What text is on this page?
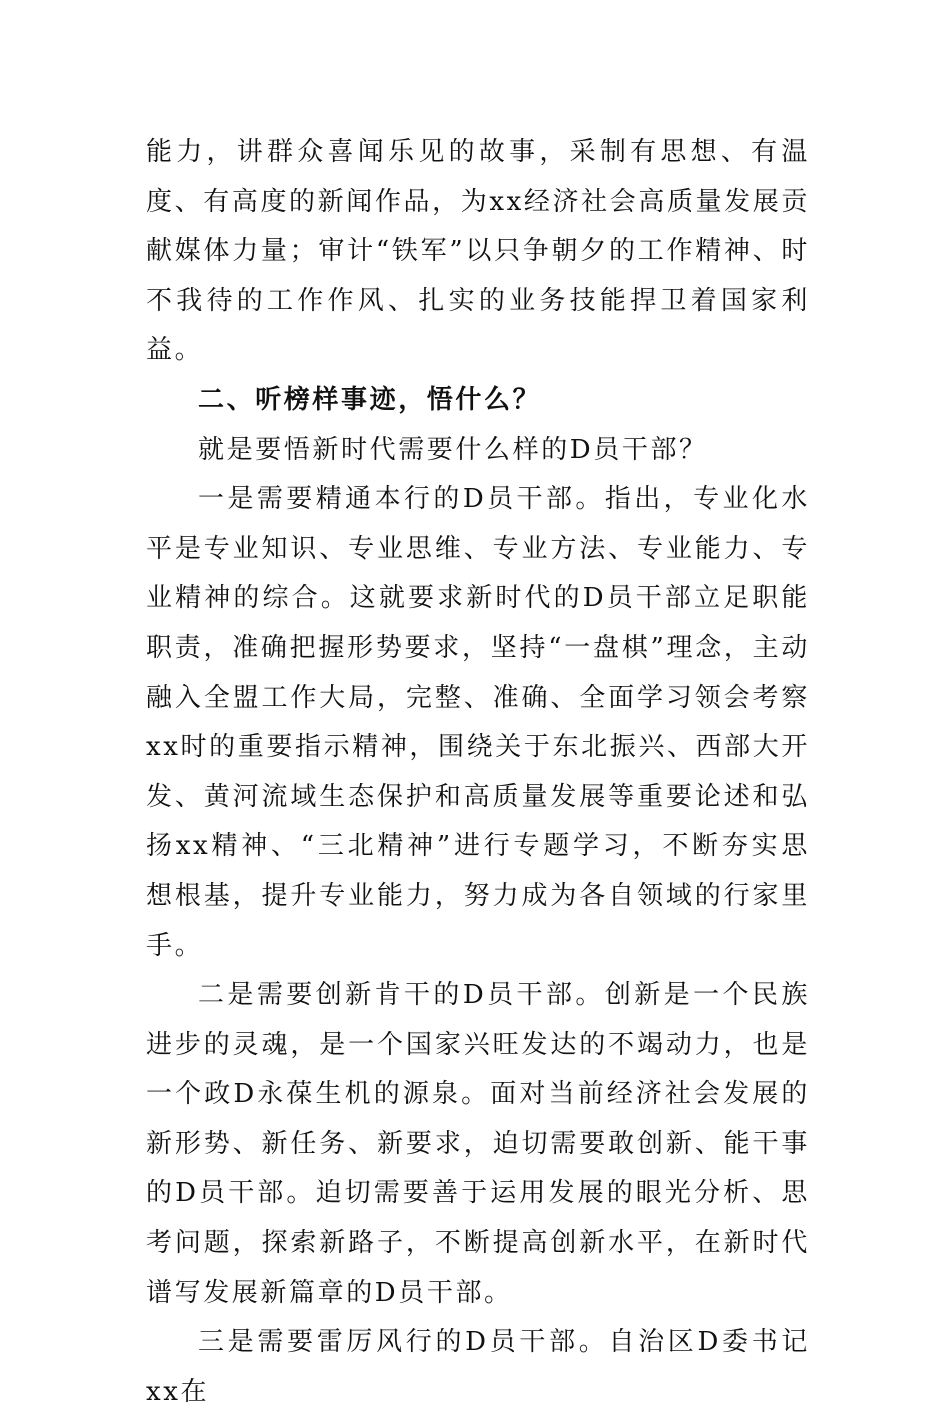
能力，讲群众喜闻乐见的故事，采制有思想、有温度、有高度的新闻作品，为xx经济社会高质量发展贡献媒体力量；审计“铁军”以只争朝夕的工作精神、时不我待的工作作风、扎实的业务技能捍卫着国家利益。

二、听榜样事迹，悟什么？

就是要悟新时代需要什么样的D员干部？

一是需要精通本行的D员干部。指出，专业化水平是专业知识、专业思维、专业方法、专业能力、专业精神的综合。这就要求新时代的D员干部立足职能职责，准确把握形势要求，坚持“一盘棋”理念，主动融入全盟工作大局，完整、准确、全面学习领会考察xx时的重要指示精神，围绕关于东北振兴、西部大开发、黄河流域生态保护和高质量发展等重要论述和弘扬xx精神、“三北精神”进行专题学习，不断夯实思想根基，提升专业能力，努力成为各自领域的行家里手。

二是需要创新肯干的D员干部。创新是一个民族进步的灵魂，是一个国家兴旺发达的不竭动力，也是一个政D永葆生机的源泉。面对当前经济社会发展的新形势、新任务、新要求，迫切需要敢创新、能干事的D员干部。迫切需要善于运用发展的眼光分析、思考问题，探索新路子，不断提高创新水平，在新时代谱写发展新篇章的D员干部。

三是需要雷厉风行的D员干部。自治区D委书记xx在
